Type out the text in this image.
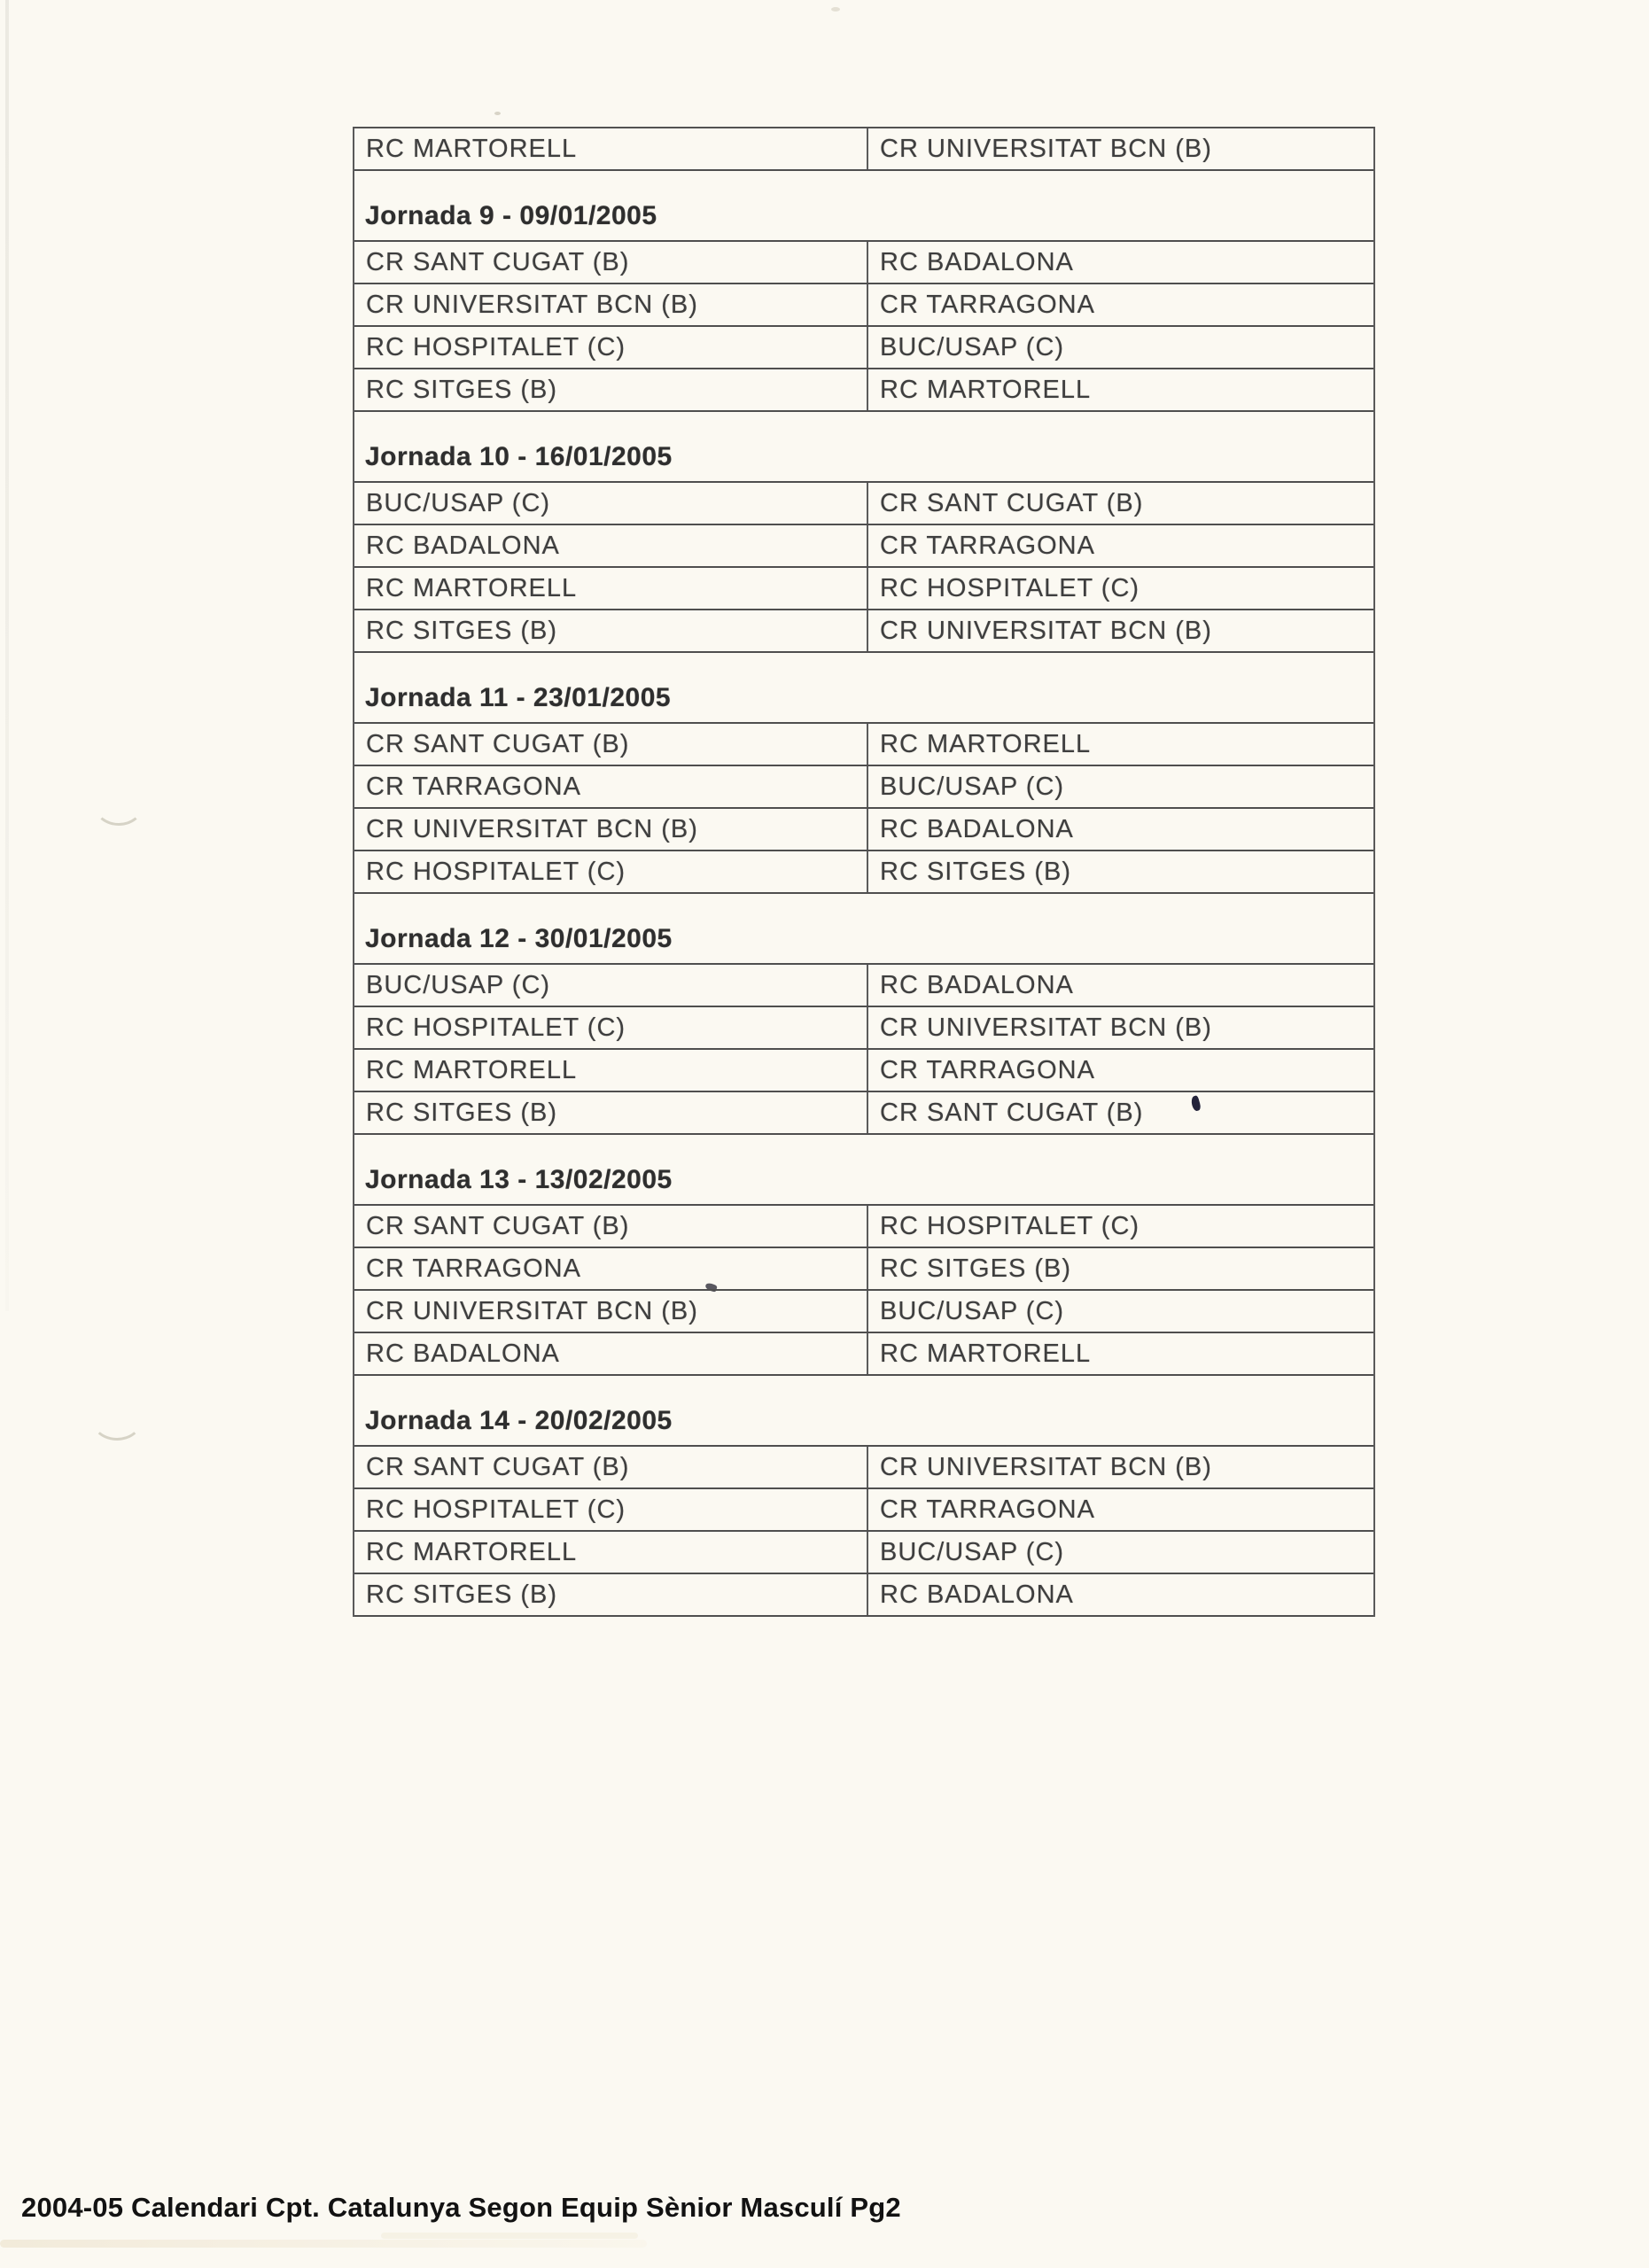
RC MARTORELL	CR UNIVERSITAT BCN (B)
Jornada 9 - 09/01/2005
CR SANT CUGAT (B)	RC BADALONA
CR UNIVERSITAT BCN (B)	CR TARRAGONA
RC HOSPITALET (C)	BUC/USAP (C)
RC SITGES (B)	RC MARTORELL
Jornada 10 - 16/01/2005
BUC/USAP (C)	CR SANT CUGAT (B)
RC BADALONA	CR TARRAGONA
RC MARTORELL	RC HOSPITALET (C)
RC SITGES (B)	CR UNIVERSITAT BCN (B)
Jornada 11 - 23/01/2005
CR SANT CUGAT (B)	RC MARTORELL
CR TARRAGONA	BUC/USAP (C)
CR UNIVERSITAT BCN (B)	RC BADALONA
RC HOSPITALET (C)	RC SITGES (B)
Jornada 12 - 30/01/2005
BUC/USAP (C)	RC BADALONA
RC HOSPITALET (C)	CR UNIVERSITAT BCN (B)
RC MARTORELL	CR TARRAGONA
RC SITGES (B)	CR SANT CUGAT (B)
Jornada 13 - 13/02/2005
CR SANT CUGAT (B)	RC HOSPITALET (C)
CR TARRAGONA	RC SITGES (B)
CR UNIVERSITAT BCN (B)	BUC/USAP (C)
RC BADALONA	RC MARTORELL
Jornada 14 - 20/02/2005
CR SANT CUGAT (B)	CR UNIVERSITAT BCN (B)
RC HOSPITALET (C)	CR TARRAGONA
RC MARTORELL	BUC/USAP (C)
RC SITGES (B)	RC BADALONA
2004-05 Calendari Cpt. Catalunya Segon Equip Sènior Masculí Pg2
